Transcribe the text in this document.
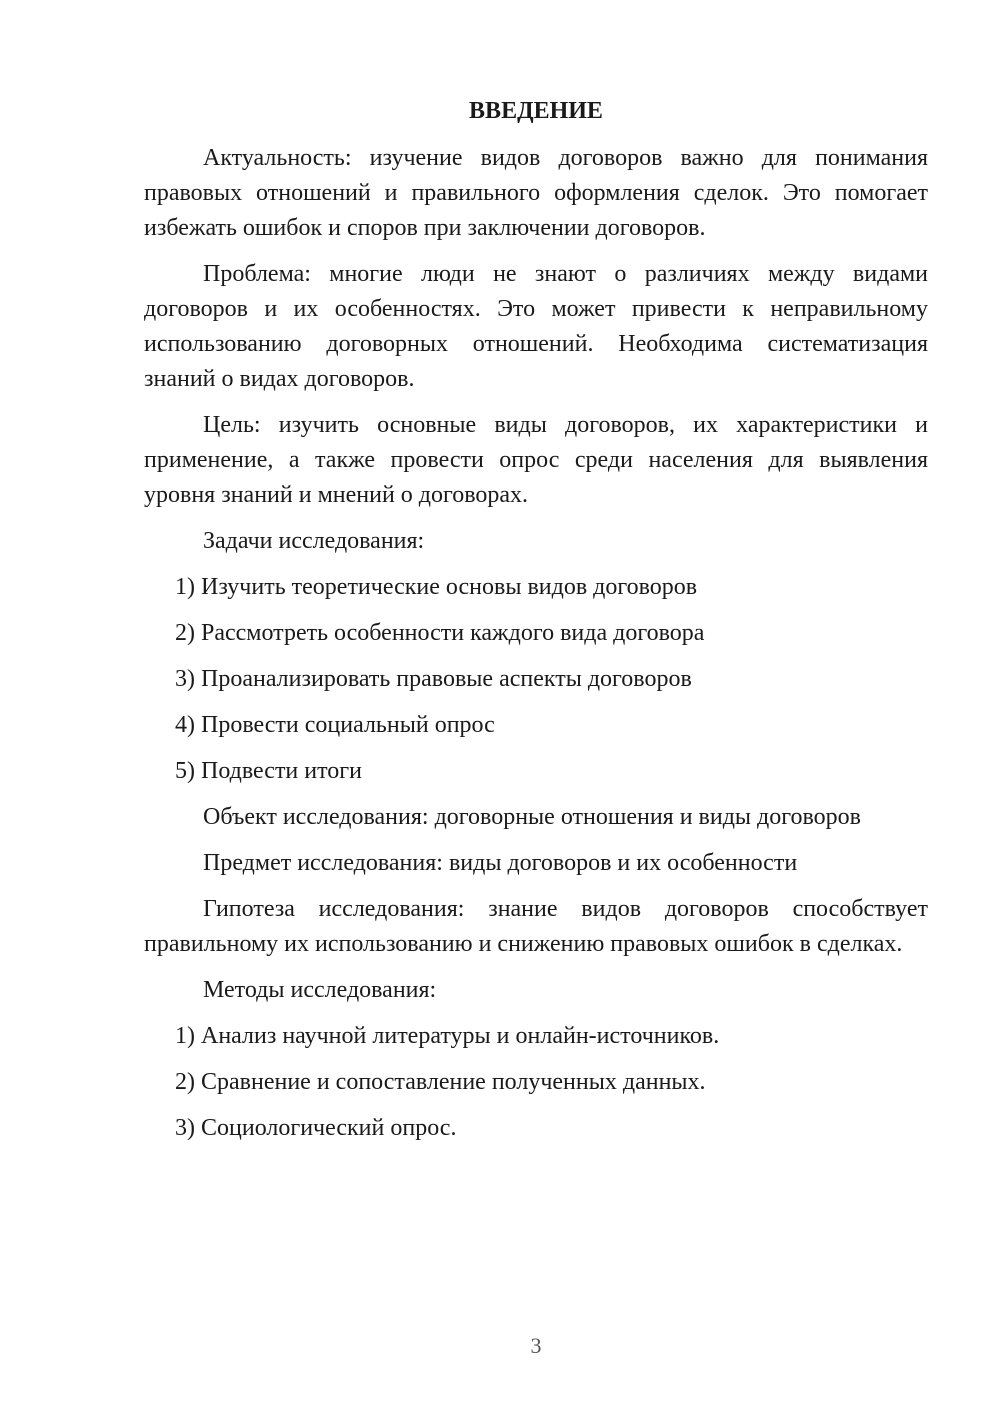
ВВЕДЕНИЕ

Актуальность: изучение видов договоров важно для понимания правовых отношений и правильного оформления сделок. Это помогает избежать ошибок и споров при заключении договоров.

Проблема: многие люди не знают о различиях между видами договоров и их особенностях. Это может привести к неправильному использованию договорных отношений. Необходима систематизация знаний о видах договоров.

Цель: изучить основные виды договоров, их характеристики и применение, а также провести опрос среди населения для выявления уровня знаний и мнений о договорах.

Задачи исследования:
1) Изучить теоретические основы видов договоров
2) Рассмотреть особенности каждого вида договора
3) Проанализировать правовые аспекты договоров
4) Провести социальный опрос
5) Подвести итоги
Объект исследования: договорные отношения и виды договоров
Предмет исследования: виды договоров и их особенности

Гипотеза исследования: знание видов договоров способствует правильному их использованию и снижению правовых ошибок в сделках.

Методы исследования:
1) Анализ научной литературы и онлайн-источников.
2) Сравнение и сопоставление полученных данных.
3) Социологический опрос.
3
